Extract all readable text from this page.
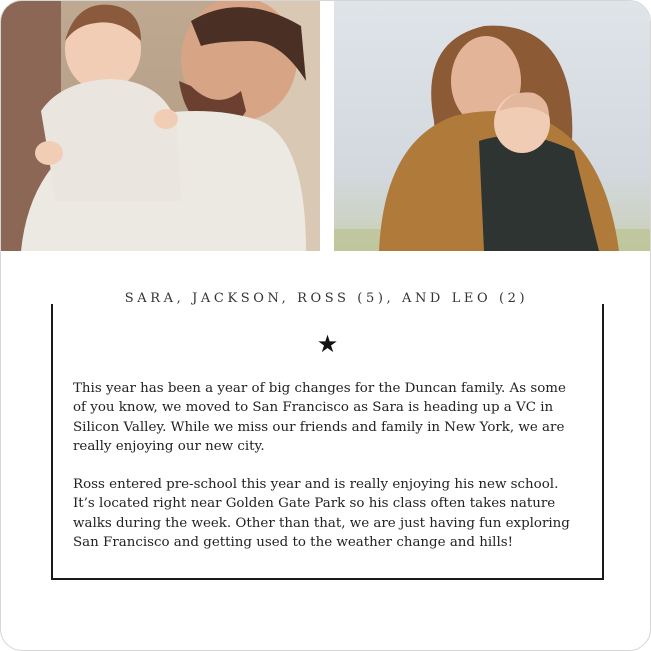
SARA, JACKSON, ROSS (5), AND LEO (2)
★

This year has been a year of big changes for the Duncan family. As some of you know, we moved to San Francisco as Sara is heading up a VC in Silicon Valley. While we miss our friends and family in New York, we are really enjoying our new city.

Ross entered pre-school this year and is really enjoying his new school. It’s located right near Golden Gate Park so his class often takes nature walks during the week. Other than that, we are just having fun exploring San Francisco and getting used to the weather change and hills!
